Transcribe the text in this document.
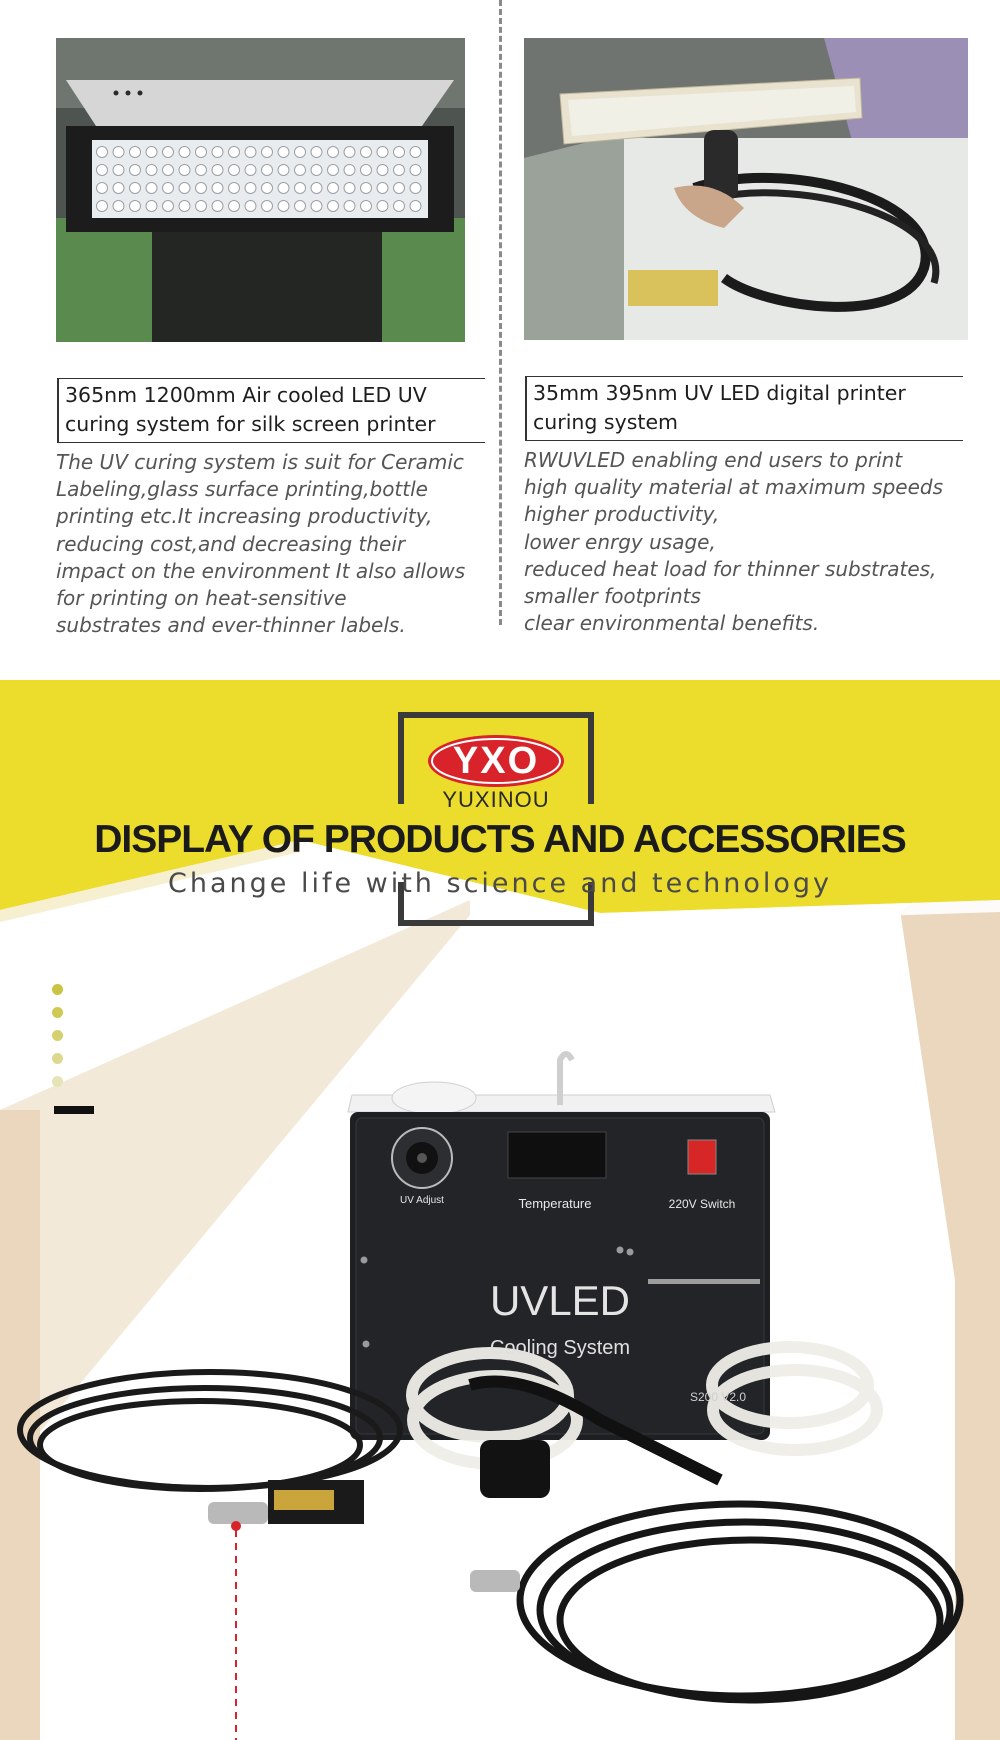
365nm 1200mm Air cooled LED UV
curing system for silk screen printer
35mm 395nm UV LED digital printer
curing system
The UV curing system is suit for Ceramic
Labeling,glass surface printing,bottle
printing etc.It increasing productivity,
reducing cost,and decreasing their
impact on the environment It also allows
for printing on heat-sensitive
substrates and ever-thinner labels.
RWUVLED enabling end users to print
high quality material at maximum speeds
higher productivity,
lower enrgy usage,
reduced heat load for thinner substrates,
smaller footprints
clear environmental benefits.
YXO
YUXINOU
DISPLAY OF PRODUCTS AND ACCESSORIES
Change life with science and technology
UV Adjust	Temperature	220V Switch
UVLED
Cooling System
S200 V2.0
